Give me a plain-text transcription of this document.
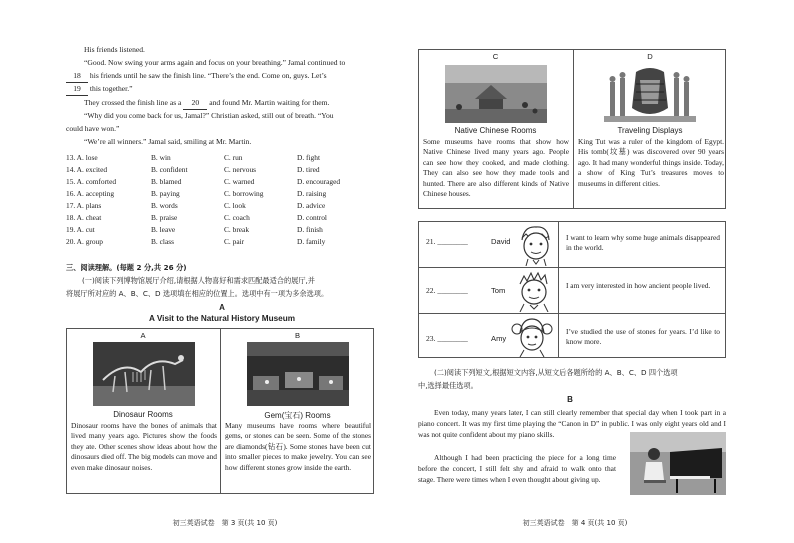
His friends listened.
“Good. Now swing your arms again and focus on your breathing.” Jamal continued to
18 his friends until he saw the finish line. “There’s the end. Come on, guys. Let’s
19 this together.”
They crossed the finish line as a 20 and found Mr. Martin waiting for them.
“Why did you come back for us, Jamal?” Christian asked, still out of breath. “You
could have won.”
“We’re all winners.” Jamal said, smiling at Mr. Martin.
13. A. lose	B. win	C. run	D. fight
14. A. excited	B. confident	C. nervous	D. tired
15. A. comforted	B. blamed	C. warned	D. encouraged
16. A. accepting	B. paying	C. borrowing	D. raising
17. A. plans	B. words	C. look	D. advice
18. A. cheat	B. praise	C. coach	D. control
19. A. cut	B. leave	C. break	D. finish
20. A. group	B. class	C. pair	D. family
三、阅读理解。(每题 2 分,共 26 分)
(一)阅读下列博物馆展厅介绍,请根据人物喜好和需求匹配最适合的展厅,并
将展厅所对应的 A、B、C、D 选项填在相应的位置上。选项中有一项为多余选项。
A
A Visit to the Natural History Museum
A
Dinosaur Rooms
Dinosaur rooms have the bones of animals that lived many years ago. Pictures show the foods they ate. Other scenes show ideas about how the dinosaurs died off. The big models can move and even make dinosaur noises.
B
Gem(宝石) Rooms
Many museums have rooms where beautiful gems, or stones can be seen. Some of the stones are diamonds(钻石). Some stones have been cut into smaller pieces to make jewelry. You can see how different stones grow inside the earth.
初三英语试卷　第 3 页(共 10 页)
C
Native Chinese Rooms
Some museums have rooms that show how Native Chinese lived many years ago. People can see how they cooked, and made clothing. They can also see how they made tools and hunted. There are also different kinds of Native Chinese houses.
D
Traveling Displays
King Tut was a ruler of the kingdom of Egypt. His tomb(坟墓) was discovered over 90 years ago. It had many wonderful things inside. Today, a show of King Tut’s treasures moves to museums in different cities.
21. ________	David	I want to learn why some huge animals disappeared in the world.
22. ________	Tom
I am very interested in how ancient people lived.
23. ________	Amy
I’ve studied the use of stones for years. I’d like to know more.
(二)阅读下列短文,根据短文内容,从短文后各题所给的 A、B、C、D 四个选项
中,选择最佳选项。
B
Even today, many years later, I can still clearly remember that special day when I took part in a piano concert. It was my first time playing the “Canon in D” in public. I was only eight years old and I was not quite confident about my piano skills.
Although I had been practicing the piece for a long time before the concert, I still felt shy and afraid to walk onto that stage. There were times when I even thought about giving up.
初三英语试卷　第 4 页(共 10 页)
